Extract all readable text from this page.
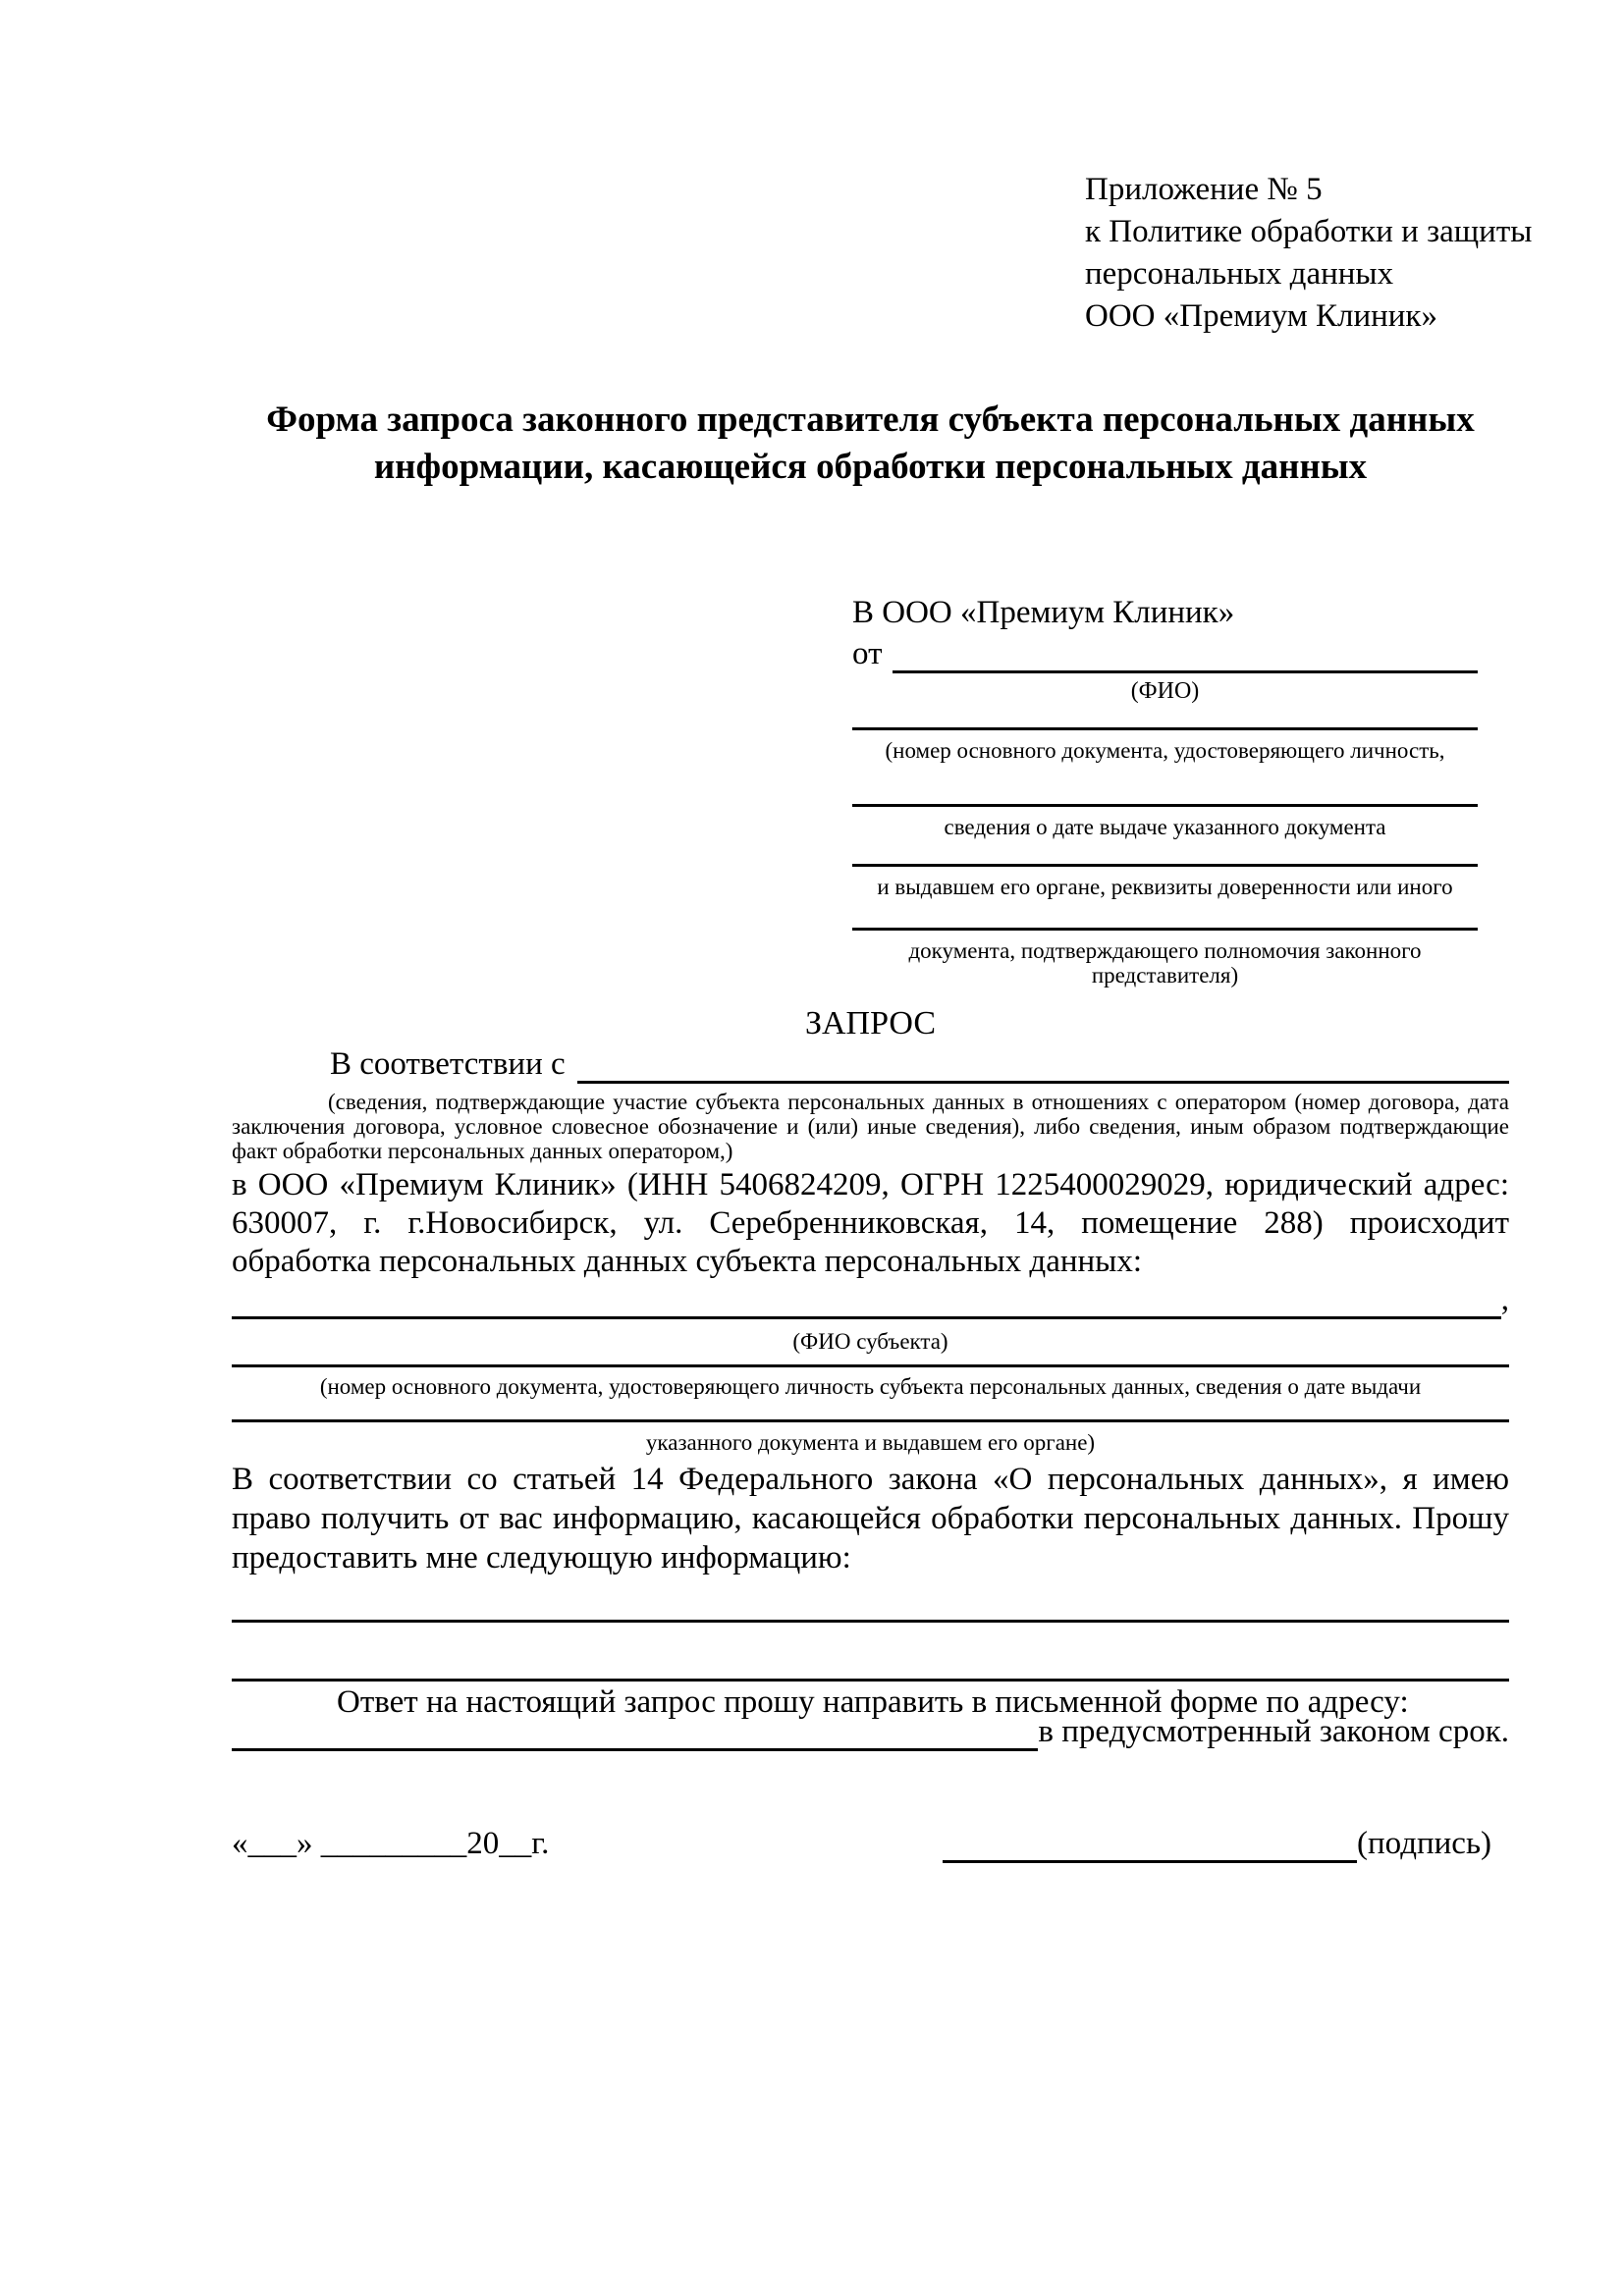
Приложение № 5
к Политике обработки и защиты
персональных данных
ООО «Премиум Клиник»
Форма запроса законного представителя субъекта персональных данных
информации, касающейся обработки персональных данных
В ООО «Премиум Клиник»
от
(ФИО)
(номер основного документа, удостоверяющего личность,
сведения о дате выдаче указанного документа
и выдавшем его органе, реквизиты доверенности или иного
документа, подтверждающего полномочия законного представителя)
ЗАПРОС
В соответствии с
(сведения, подтверждающие участие субъекта персональных данных в отношениях с оператором (номер договора, дата заключения договора, условное словесное обозначение и (или) иные сведения), либо сведения, иным образом подтверждающие факт обработки персональных данных оператором,)
в ООО «Премиум Клиник» (ИНН 5406824209, ОГРН 1225400029029, юридический адрес: 630007, г. г.Новосибирск, ул. Серебренниковская, 14, помещение 288) происходит обработка персональных данных субъекта персональных данных:
,
(ФИО субъекта)
(номер основного документа, удостоверяющего личность субъекта персональных данных, сведения о дате выдачи
указанного документа и выдавшем его органе)
В соответствии со статьей 14 Федерального закона «О персональных данных», я имею право получить от вас информацию, касающейся обработки персональных данных. Прошу предоставить мне следующую информацию:
Ответ на настоящий запрос прошу направить в письменной форме по адресу:
в предусмотренный законом срок.
«___» _________20__г.	(подпись)
